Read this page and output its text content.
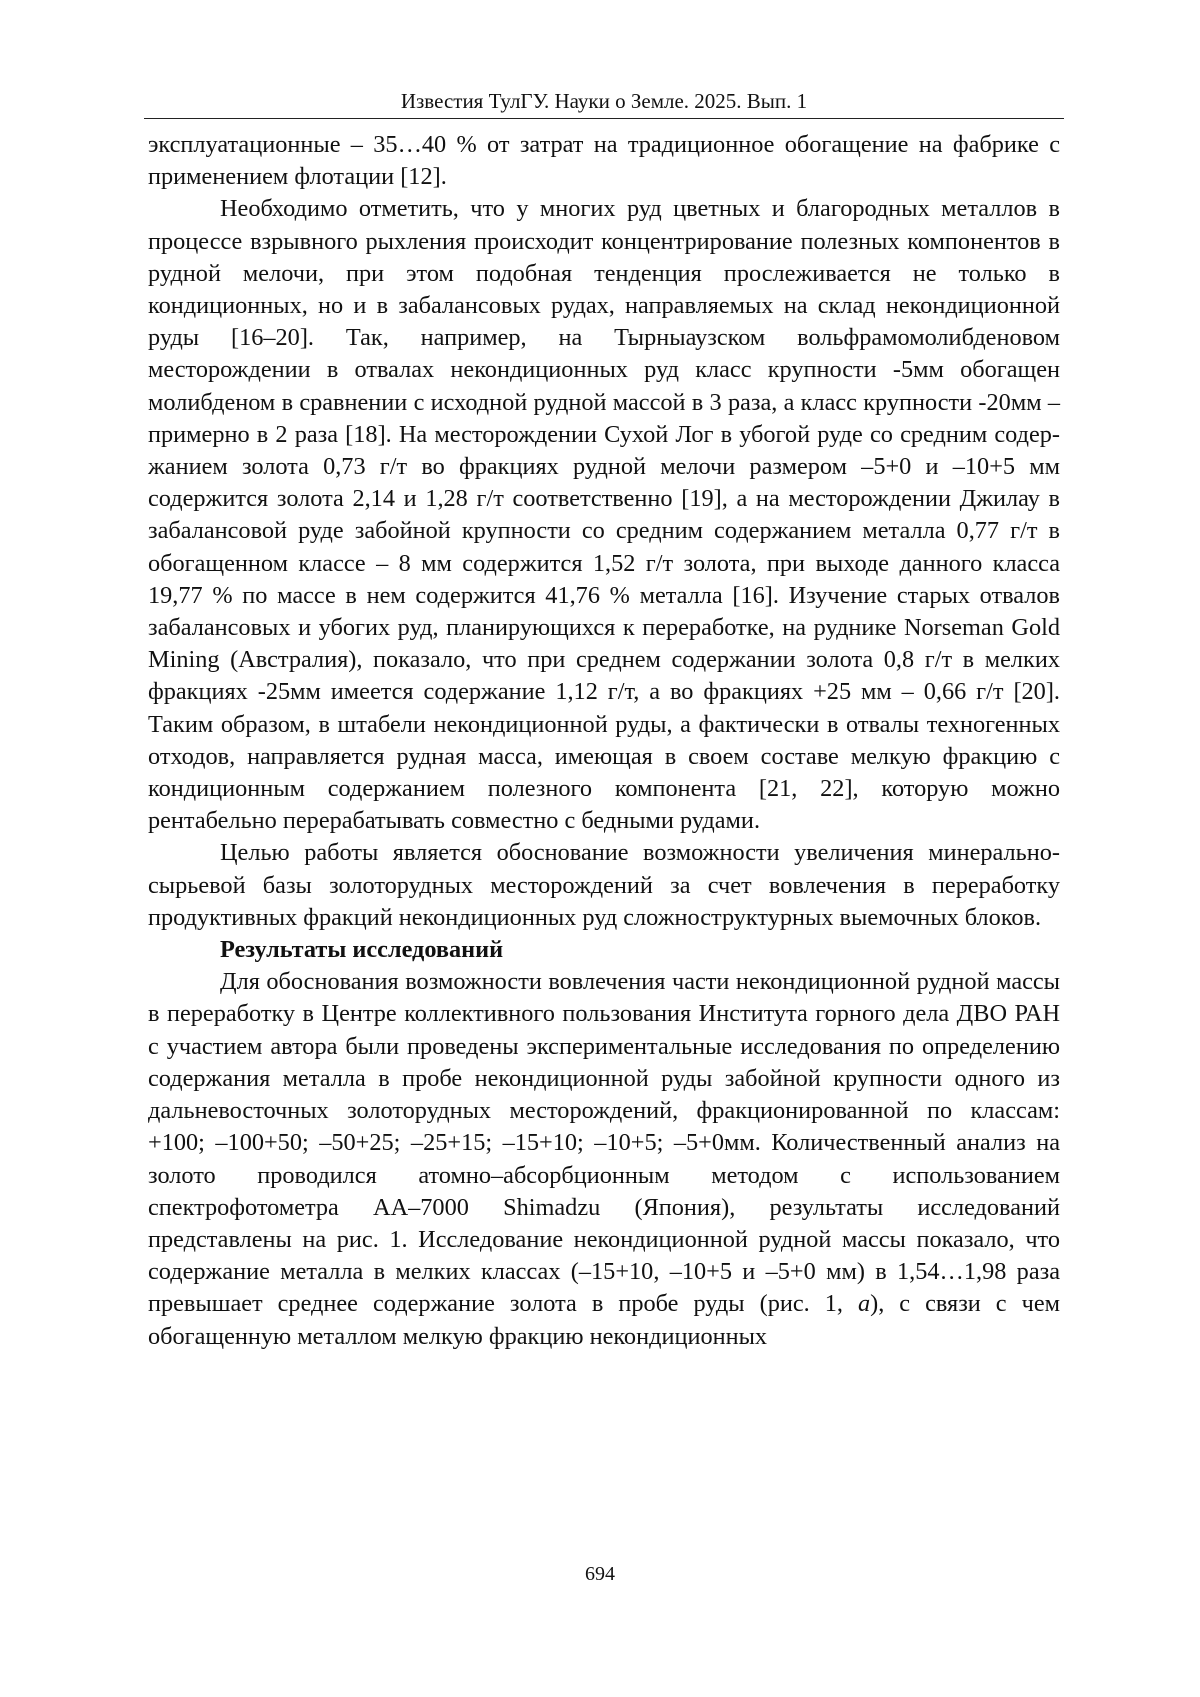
Известия ТулГУ. Науки о Земле. 2025. Вып. 1

эксплуатационные – 35…40 % от затрат на традиционное обогащение на фабрике с применением флотации [12].

Необходимо отметить, что у многих руд цветных и благородных металлов в процессе взрывного рыхления происходит концентрирование полезных компонентов в рудной мелочи, при этом подобная тенденция прослеживается не только в кондиционных, но и в забалансовых рудах, направляемых на склад некондиционной руды [16–20]. Так, например, на Тырныаузском вольфрамомолибденовом месторождении в отвалах некондиционных руд класс крупности -5мм обогащен молибденом в сравнении с исходной рудной массой в 3 раза, а класс крупности -20мм – примерно в 2 раза [18]. На месторождении Сухой Лог в убогой руде со средним содержанием золота 0,73 г/т во фракциях рудной мелочи размером –5+0 и –10+5 мм содержится золота 2,14 и 1,28 г/т соответственно [19], а на месторождении Джилау в забалансовой руде забойной крупности со средним содержанием металла 0,77 г/т в обогащенном классе – 8 мм содержится 1,52 г/т золота, при выходе данного класса 19,77 % по массе в нем содержится 41,76 % металла [16]. Изучение старых отвалов забалансовых и убогих руд, планирующихся к переработке, на руднике Norseman Gold Mining (Австралия), показало, что при среднем содержании золота 0,8 г/т в мелких фракциях -25мм имеется содержание 1,12 г/т, а во фракциях +25 мм – 0,66 г/т [20]. Таким образом, в штабели некондиционной руды, а фактически в отвалы техногенных отходов, направляется рудная масса, имеющая в своем составе мелкую фракцию с кондиционным содержанием полезного компонента [21, 22], которую можно рентабельно перерабатывать совместно с бедными рудами.

Целью работы является обоснование возможности увеличения минерально-сырьевой базы золоторудных месторождений за счет вовлечения в переработку продуктивных фракций некондиционных руд сложноструктурных выемочных блоков.

Результаты исследований

Для обоснования возможности вовлечения части некондиционной рудной массы в переработку в Центре коллективного пользования Института горного дела ДВО РАН с участием автора были проведены экспериментальные исследования по определению содержания металла в пробе некондиционной руды забойной крупности одного из дальневосточных золоторудных месторождений, фракционированной по классам: +100; –100+50; –50+25; –25+15; –15+10; –10+5; –5+0мм. Количественный анализ на золото проводился атомно–абсорбционным методом с использованием спектрофотометра АА–7000 Shimadzu (Япония), результаты исследований представлены на рис. 1. Исследование некондиционной рудной массы показало, что содержание металла в мелких классах (–15+10, –10+5 и –5+0 мм) в 1,54…1,98 раза превышает среднее содержание золота в пробе руды (рис. 1, а), с связи с чем обогащенную металлом мелкую фракцию некондиционных

694
